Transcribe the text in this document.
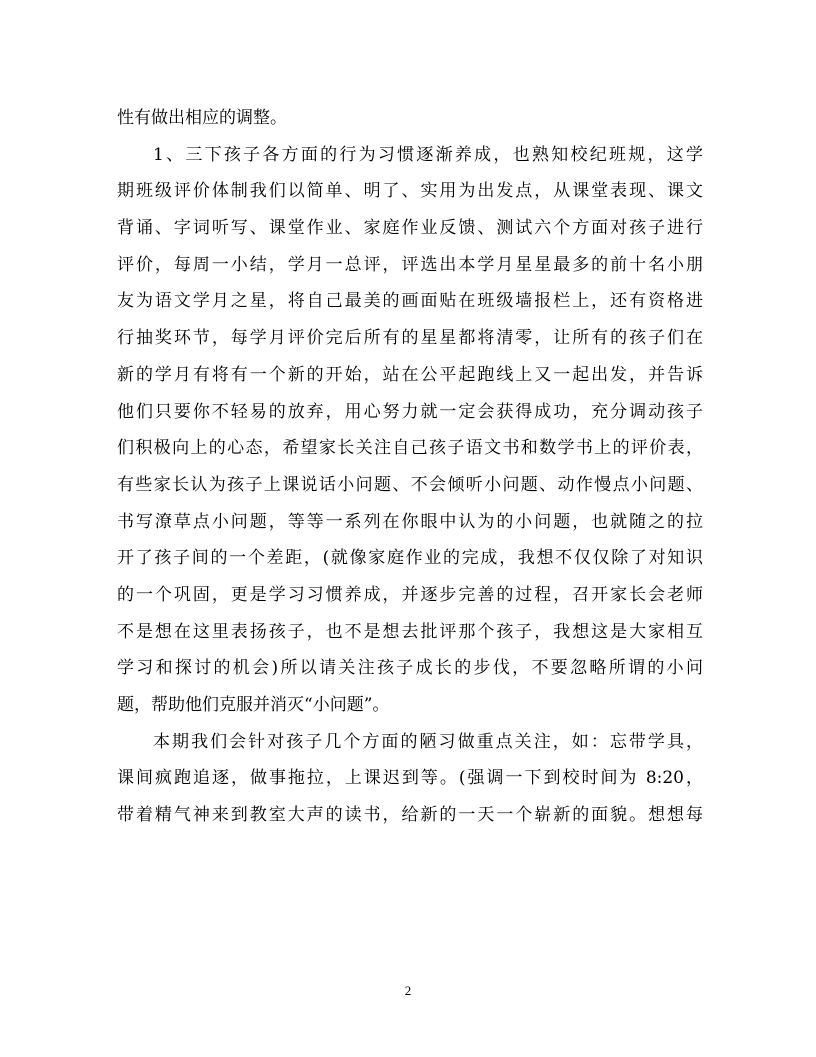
性有做出相应的调整。
1、三下孩子各方面的行为习惯逐渐养成，也熟知校纪班规，这学
期班级评价体制我们以简单、明了、实用为出发点，从课堂表现、课文
背诵、字词听写、课堂作业、家庭作业反馈、测试六个方面对孩子进行
评价，每周一小结，学月一总评，评选出本学月星星最多的前十名小朋
友为语文学月之星，将自己最美的画面贴在班级墙报栏上，还有资格进
行抽奖环节，每学月评价完后所有的星星都将清零，让所有的孩子们在
新的学月有将有一个新的开始，站在公平起跑线上又一起出发，并告诉
他们只要你不轻易的放弃，用心努力就一定会获得成功，充分调动孩子
们积极向上的心态，希望家长关注自己孩子语文书和数学书上的评价表，
有些家长认为孩子上课说话小问题、不会倾听小问题、动作慢点小问题、
书写潦草点小问题，等等一系列在你眼中认为的小问题，也就随之的拉
开了孩子间的一个差距，(就像家庭作业的完成，我想不仅仅除了对知识
的一个巩固，更是学习习惯养成，并逐步完善的过程，召开家长会老师
不是想在这里表扬孩子，也不是想去批评那个孩子，我想这是大家相互
学习和探讨的机会)所以请关注孩子成长的步伐，不要忽略所谓的小问
题，帮助他们克服并消灭“小问题”。
本期我们会针对孩子几个方面的陋习做重点关注，如：忘带学具，
课间疯跑追逐，做事拖拉，上课迟到等。(强调一下到校时间为 8:20，
带着精气神来到教室大声的读书，给新的一天一个崭新的面貌。想想每
2
